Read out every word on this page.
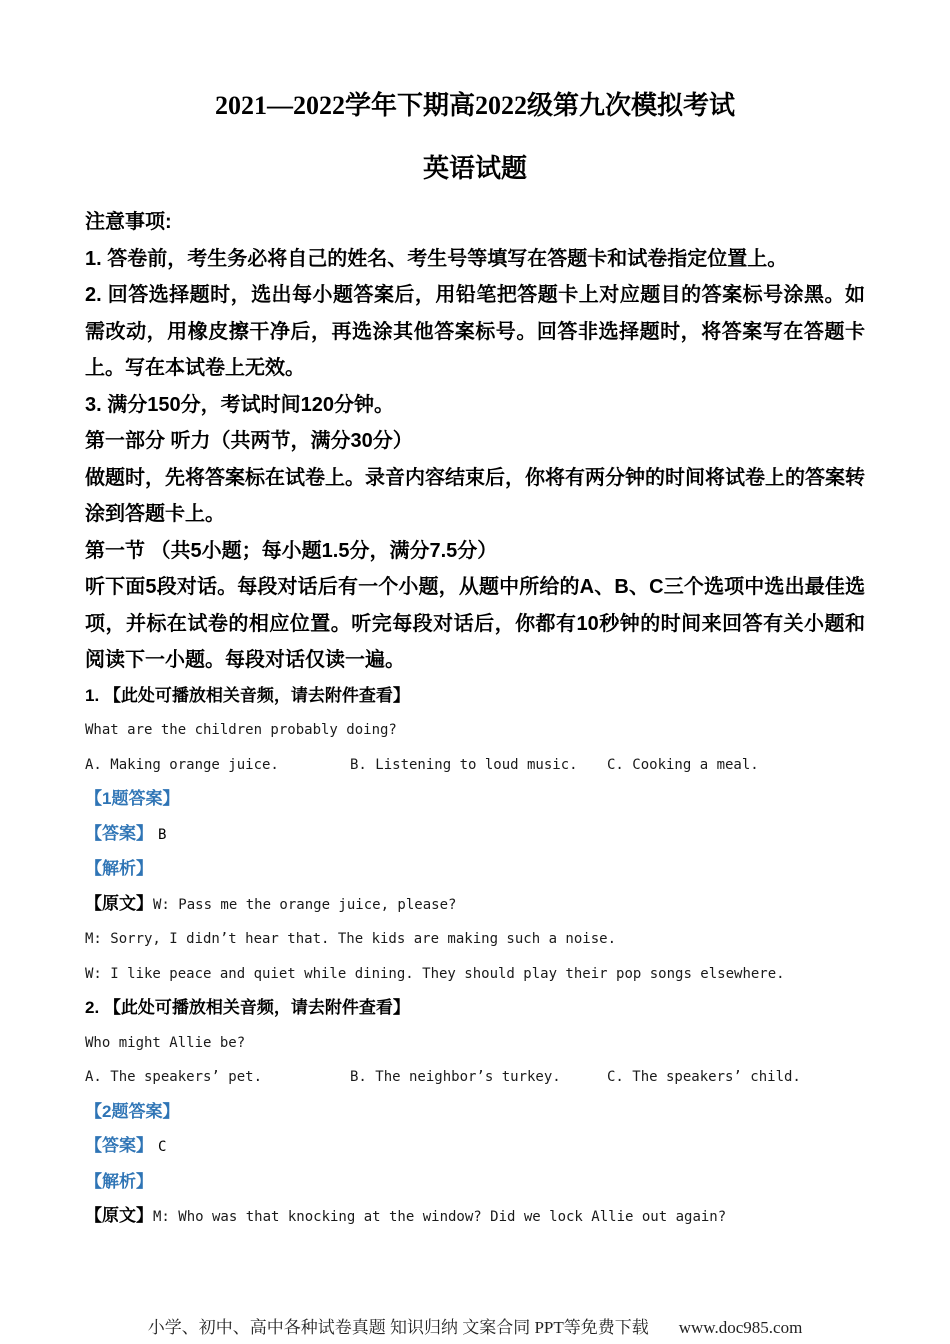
2021—2022学年下期高2022级第九次模拟考试
英语试题

注意事项:

1. 答卷前，考生务必将自己的姓名、考生号等填写在答题卡和试卷指定位置上。

2. 回答选择题时，选出每小题答案后，用铅笔把答题卡上对应题目的答案标号涂黑。如需改动，用橡皮擦干净后，再选涂其他答案标号。回答非选择题时，将答案写在答题卡上。写在本试卷上无效。

3. 满分150分，考试时间120分钟。

第一部分 听力（共两节，满分30分）

做题时，先将答案标在试卷上。录音内容结束后，你将有两分钟的时间将试卷上的答案转涂到答题卡上。

第一节 （共5小题；每小题1.5分，满分7.5分）

听下面5段对话。每段对话后有一个小题，从题中所给的A、B、C三个选项中选出最佳选项，并标在试卷的相应位置。听完每段对话后，你都有10秒钟的时间来回答有关小题和阅读下一小题。每段对话仅读一遍。

1. 【此处可播放相关音频，请去附件查看】

What are the children probably doing?

A. Making orange juice.	B. Listening to loud music. C. Cooking a meal.

【1题答案】

【答案】 B

【解析】

【原文】W: Pass me the orange juice, please?

M: Sorry, I didn’t hear that. The kids are making such a noise.

W: I like peace and quiet while dining. They should play their pop songs elsewhere.

2. 【此处可播放相关音频，请去附件查看】

Who might Allie be?

A. The speakers’ pet.	B. The neighbor’s turkey.	C. The speakers’ child.

【2题答案】

【答案】 C

【解析】

【原文】M: Who was that knocking at the window? Did we lock Allie out again?

小学、初中、高中各种试卷真题 知识归纳 文案合同 PPT等免费下载 www.doc985.com
